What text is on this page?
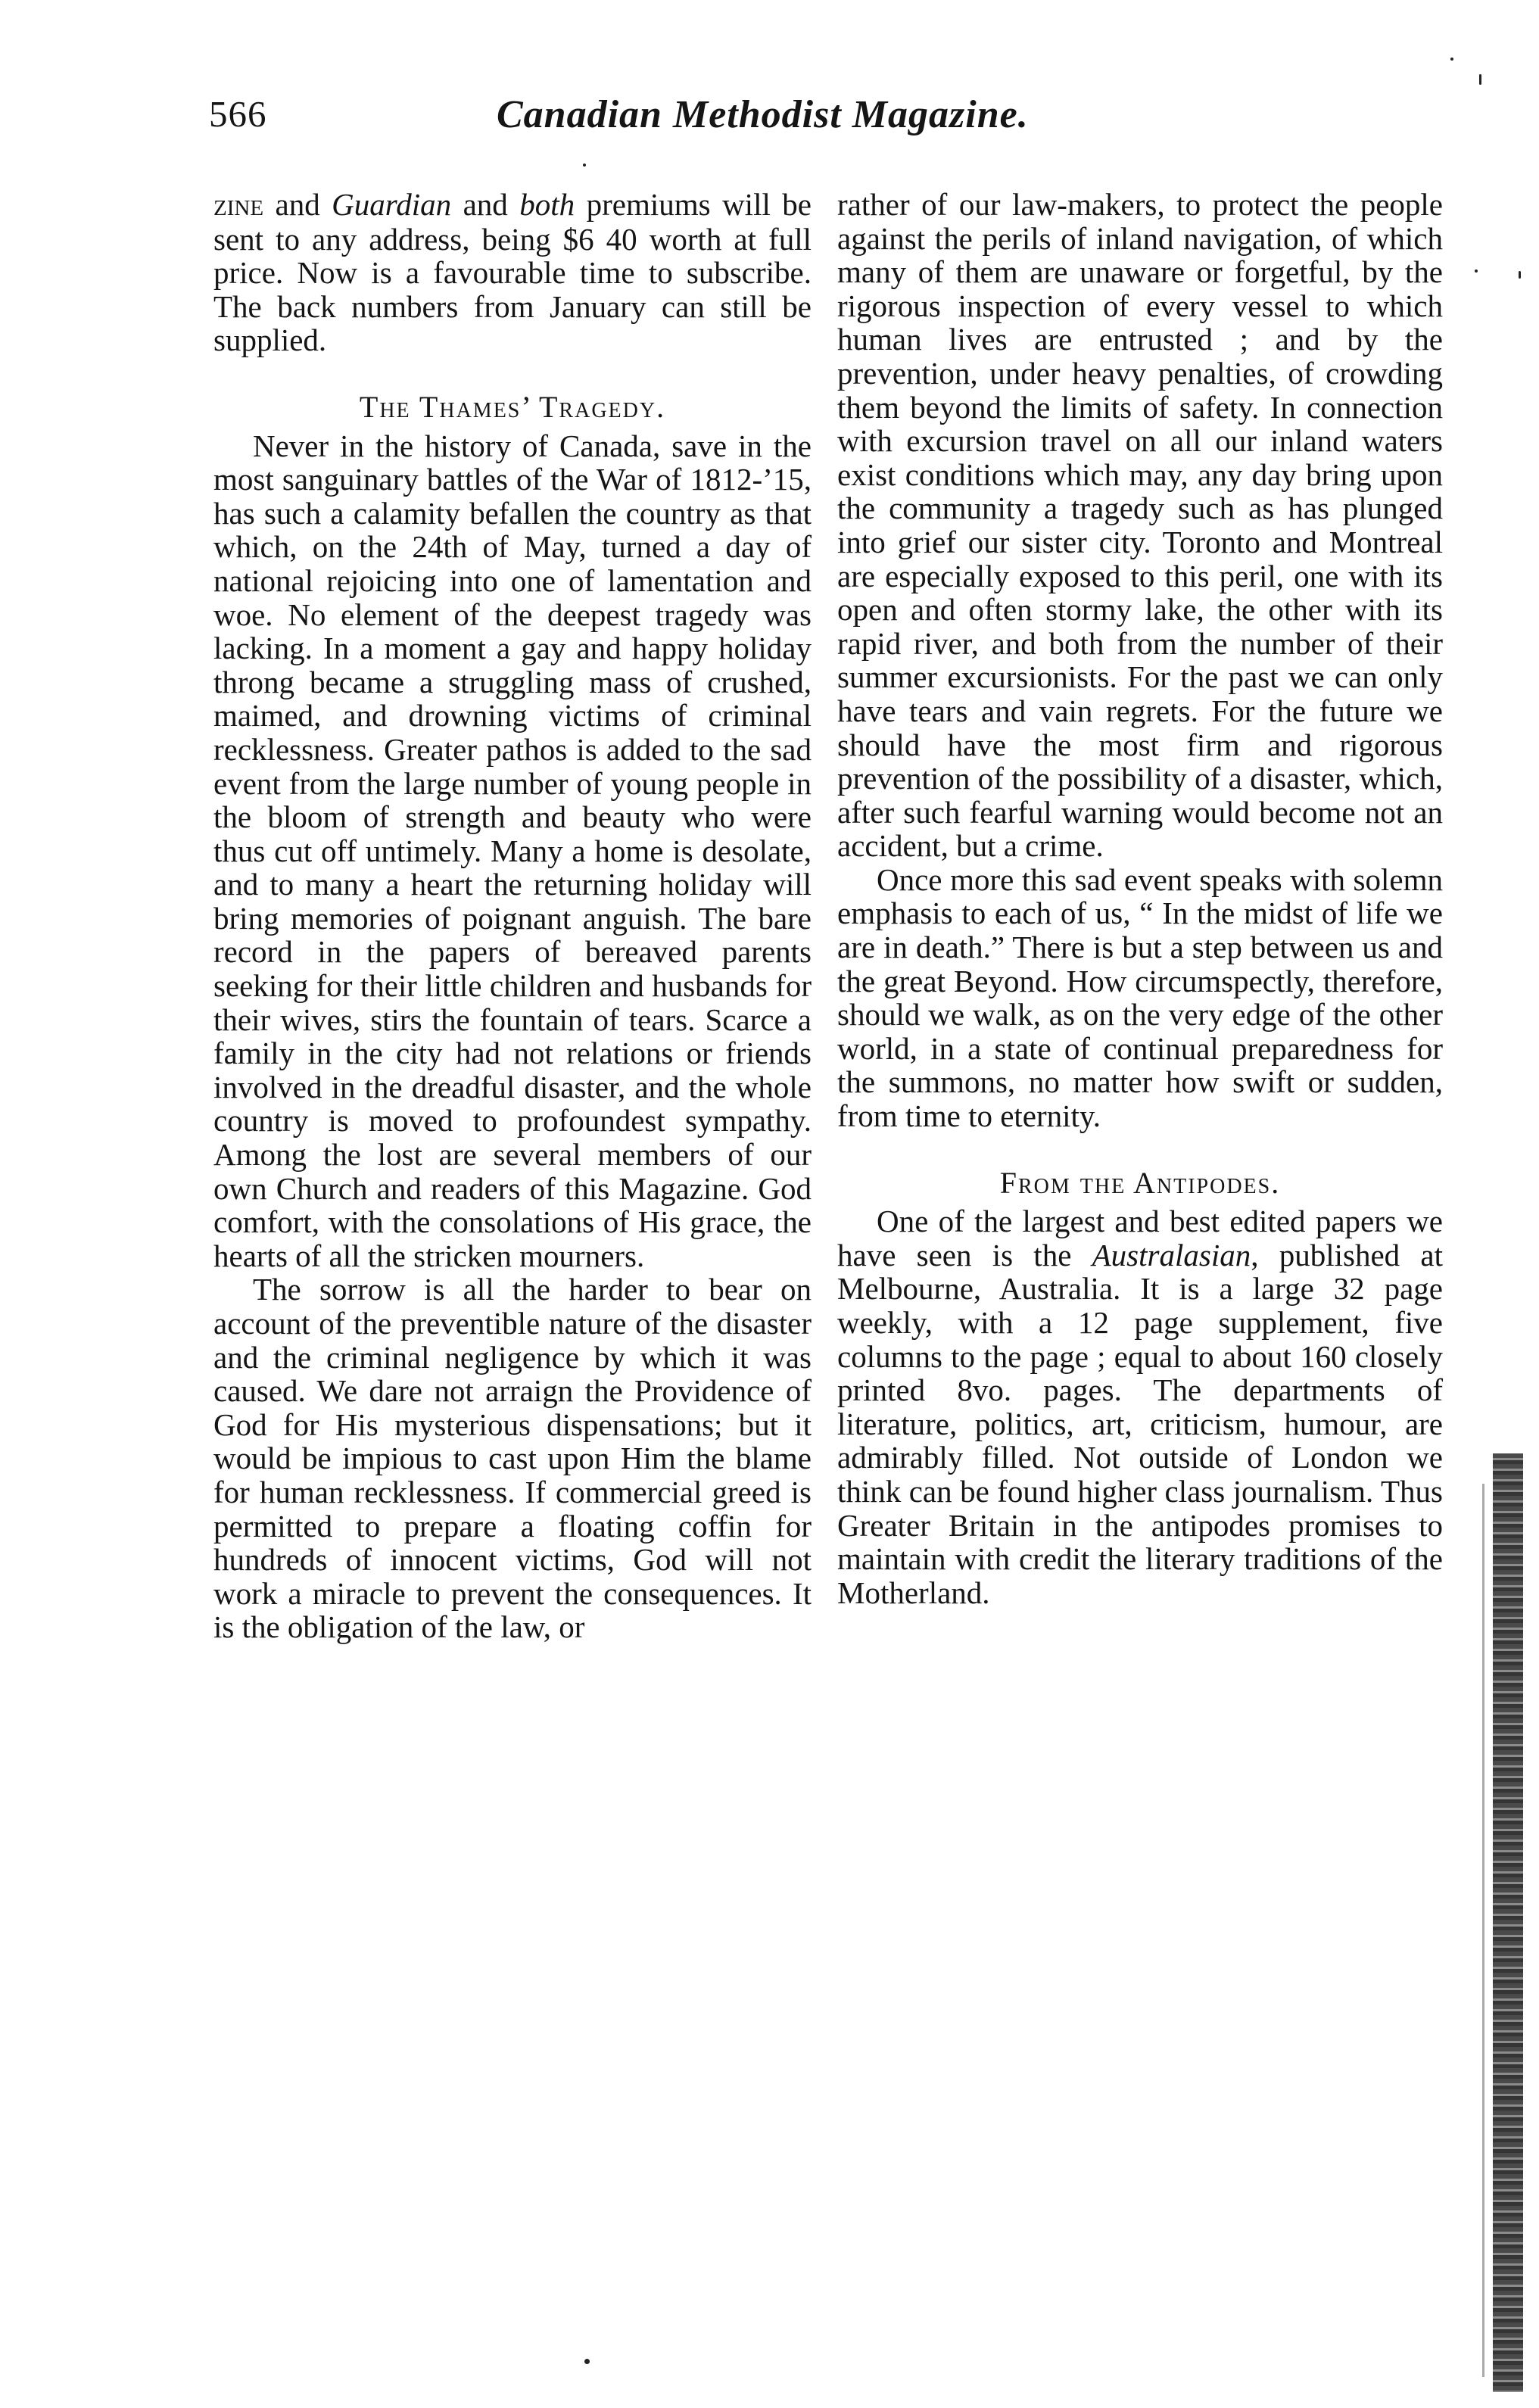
566	Canadian Methodist Magazine.

zine and Guardian and both premiums will be sent to any address, being $6 40 worth at full price. Now is a favourable time to subscribe. The back numbers from January can still be supplied.

The Thames’ Tragedy.

Never in the history of Canada, save in the most sanguinary battles of the War of 1812-’15, has such a calamity befallen the country as that which, on the 24th of May, turned a day of national rejoicing into one of lamentation and woe. No element of the deepest tragedy was lacking. In a moment a gay and happy holiday throng became a struggling mass of crushed, maimed, and drowning victims of criminal recklessness. Greater pathos is added to the sad event from the large number of young people in the bloom of strength and beauty who were thus cut off untimely. Many a home is desolate, and to many a heart the returning holiday will bring memories of poignant anguish. The bare record in the papers of bereaved parents seeking for their little children and husbands for their wives, stirs the fountain of tears. Scarce a family in the city had not relations or friends involved in the dreadful disaster, and the whole country is moved to profoundest sympathy. Among the lost are several members of our own Church and readers of this Magazine. God comfort, with the consolations of His grace, the hearts of all the stricken mourners.

The sorrow is all the harder to bear on account of the preventible nature of the disaster and the criminal negligence by which it was caused. We dare not arraign the Providence of God for His mysterious dispensations; but it would be impious to cast upon Him the blame for human recklessness. If commercial greed is permitted to prepare a floating coffin for hundreds of innocent victims, God will not work a miracle to prevent the consequences. It is the obligation of the law, or

rather of our law-makers, to protect the people against the perils of inland navigation, of which many of them are unaware or forgetful, by the rigorous inspection of every vessel to which human lives are entrusted ; and by the prevention, under heavy penalties, of crowding them beyond the limits of safety. In connection with excursion travel on all our inland waters exist conditions which may, any day bring upon the community a tragedy such as has plunged into grief our sister city. Toronto and Montreal are especially exposed to this peril, one with its open and often stormy lake, the other with its rapid river, and both from the number of their summer excursionists. For the past we can only have tears and vain regrets. For the future we should have the most firm and rigorous prevention of the possibility of a disaster, which, after such fearful warning would become not an accident, but a crime.

Once more this sad event speaks with solemn emphasis to each of us, “ In the midst of life we are in death.” There is but a step between us and the great Beyond. How circumspectly, therefore, should we walk, as on the very edge of the other world, in a state of continual preparedness for the summons, no matter how swift or sudden, from time to eternity.

From the Antipodes.

One of the largest and best edited papers we have seen is the Australasian, published at Melbourne, Australia. It is a large 32 page weekly, with a 12 page supplement, five columns to the page ; equal to about 160 closely printed 8vo. pages. The departments of literature, politics, art, criticism, humour, are admirably filled. Not outside of London we think can be found higher class journalism. Thus Greater Britain in the antipodes promises to maintain with credit the literary traditions of the Motherland.
